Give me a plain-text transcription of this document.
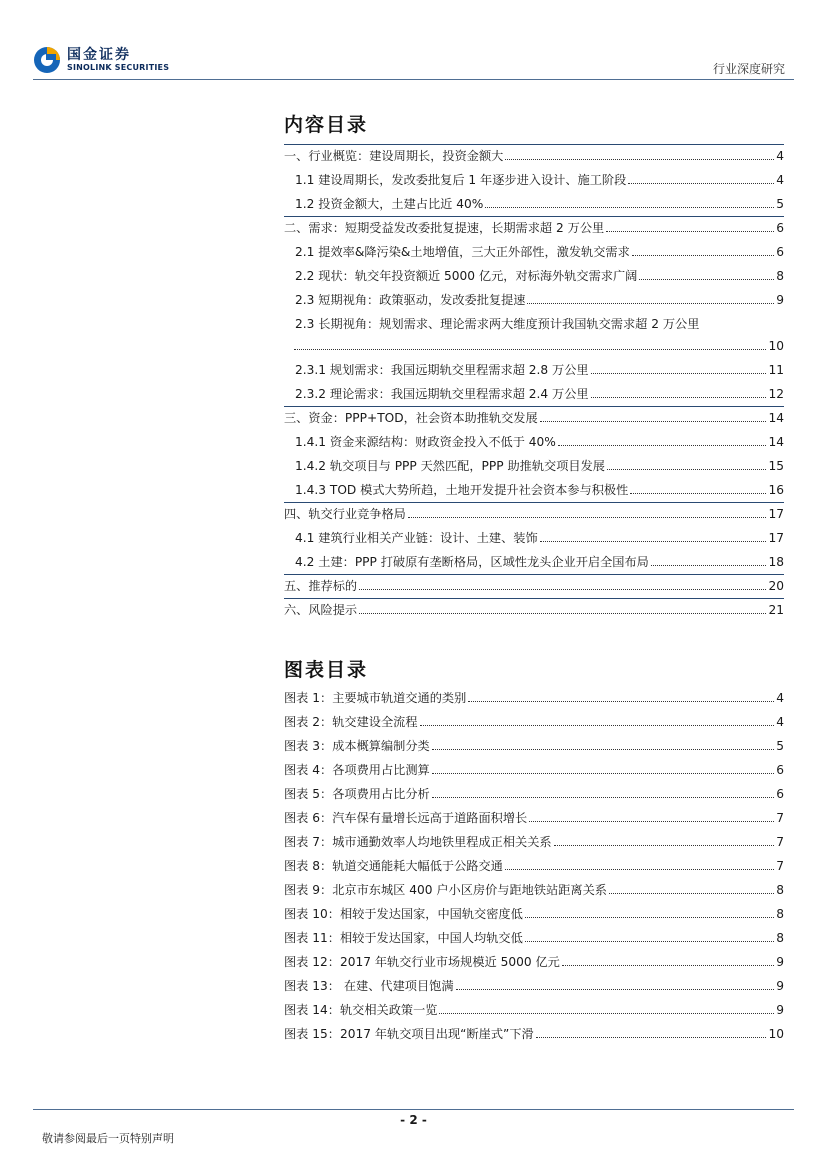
国金证券
SINOLINK SECURITIES	行业深度研究
内容目录
一、行业概览：建设周期长，投资金额大	4
1.1 建设周期长，发改委批复后 1 年逐步进入设计、施工阶段	4
1.2 投资金额大，土建占比近 40%	5
二、需求：短期受益发改委批复提速，长期需求超 2 万公里	6
2.1 提效率&降污染&土地增值，三大正外部性，激发轨交需求	6
2.2 现状：轨交年投资额近 5000 亿元，对标海外轨交需求广阔	8
2.3 短期视角：政策驱动，发改委批复提速	9
2.3 长期视角：规划需求、理论需求两大维度预计我国轨交需求超 2 万公里
10
2.3.1 规划需求：我国远期轨交里程需求超 2.8 万公里	11
2.3.2 理论需求：我国远期轨交里程需求超 2.4 万公里	12
三、资金：PPP+TOD，社会资本助推轨交发展	14
1.4.1 资金来源结构：财政资金投入不低于 40%	14
1.4.2 轨交项目与 PPP 天然匹配，PPP 助推轨交项目发展	15
1.4.3 TOD 模式大势所趋，土地开发提升社会资本参与积极性	16
四、轨交行业竞争格局	17
4.1 建筑行业相关产业链：设计、土建、装饰	17
4.2 土建：PPP 打破原有垄断格局，区域性龙头企业开启全国布局	18
五、推荐标的	20
六、风险提示	21
图表目录
图表 1：主要城市轨道交通的类别	4
图表 2：轨交建设全流程	4
图表 3：成本概算编制分类	5
图表 4：各项费用占比测算	6
图表 5：各项费用占比分析	6
图表 6：汽车保有量增长远高于道路面积增长	7
图表 7：城市通勤效率人均地铁里程成正相关关系	7
图表 8：轨道交通能耗大幅低于公路交通	7
图表 9：北京市东城区 400 户小区房价与距地铁站距离关系	8
图表 10：相较于发达国家，中国轨交密度低	8
图表 11：相较于发达国家，中国人均轨交低	8
图表 12：2017 年轨交行业市场规模近 5000 亿元	9
图表 13： 在建、代建项目饱满	9
图表 14：轨交相关政策一览	9
图表 15：2017 年轨交项目出现“断崖式”下滑	10
- 2 -
敬请参阅最后一页特别声明
